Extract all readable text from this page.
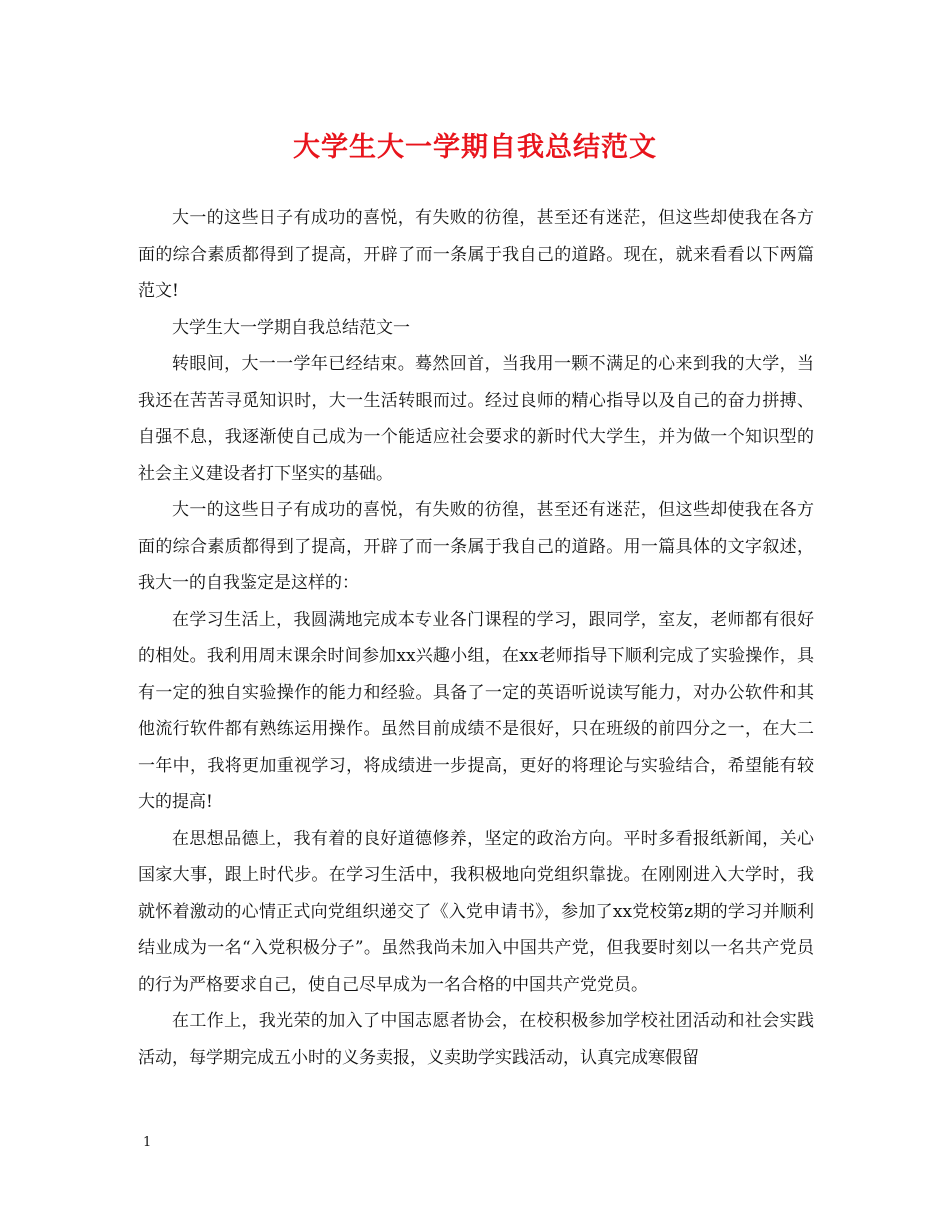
大学生大一学期自我总结范文

大一的这些日子有成功的喜悦，有失败的彷徨，甚至还有迷茫，但这些却使我在各方面的综合素质都得到了提高，开辟了而一条属于我自己的道路。现在，就来看看以下两篇范文!

大学生大一学期自我总结范文一

转眼间，大一一学年已经结束。蓦然回首，当我用一颗不满足的心来到我的大学，当我还在苦苦寻觅知识时，大一生活转眼而过。经过良师的精心指导以及自己的奋力拼搏、自强不息，我逐渐使自己成为一个能适应社会要求的新时代大学生，并为做一个知识型的社会主义建设者打下坚实的基础。

大一的这些日子有成功的喜悦，有失败的彷徨，甚至还有迷茫，但这些却使我在各方面的综合素质都得到了提高，开辟了而一条属于我自己的道路。用一篇具体的文字叙述，我大一的自我鉴定是这样的：

在学习生活上，我圆满地完成本专业各门课程的学习，跟同学，室友，老师都有很好的相处。我利用周末课余时间参加xx兴趣小组，在xx老师指导下顺利完成了实验操作，具有一定的独自实验操作的能力和经验。具备了一定的英语听说读写能力，对办公软件和其他流行软件都有熟练运用操作。虽然目前成绩不是很好，只在班级的前四分之一，在大二一年中，我将更加重视学习，将成绩进一步提高，更好的将理论与实验结合，希望能有较大的提高!

在思想品德上，我有着的良好道德修养，坚定的政治方向。平时多看报纸新闻，关心国家大事，跟上时代步。在学习生活中，我积极地向党组织靠拢。在刚刚进入大学时，我就怀着激动的心情正式向党组织递交了《入党申请书》，参加了xx党校第z期的学习并顺利结业成为一名“入党积极分子”。虽然我尚未加入中国共产党，但我要时刻以一名共产党员的行为严格要求自己，使自己尽早成为一名合格的中国共产党党员。

在工作上，我光荣的加入了中国志愿者协会，在校积极参加学校社团活动和社会实践活动，每学期完成五小时的义务卖报，义卖助学实践活动，认真完成寒假留

1
